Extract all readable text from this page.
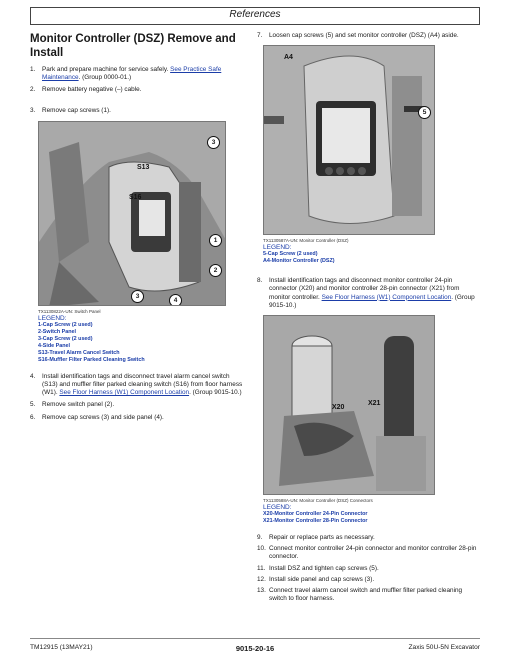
References
Monitor Controller (DSZ) Remove and Install
1. Park and prepare machine for service safely. See Practice Safe Maintenance. (Group 0000-01.)
2. Remove battery negative (–) cable.
3. Remove cap screws (1).
S13
S16
3
1
2
3
4
TX1130822A-UN: Switch Panel
LEGEND:
1-Cap Screw (2 used)
2-Switch Panel
3-Cap Screw (2 used)
4-Side Panel
S13-Travel Alarm Cancel Switch
S16-Muffler Filter Parked Cleaning Switch
4. Install identification tags and disconnect travel alarm cancel switch (S13) and muffler filter parked cleaning switch (S16) from floor harness (W1). See Floor Harness (W1) Component Location. (Group 9015-10.)
5. Remove switch panel (2).
6. Remove cap screws (3) and side panel (4).
7. Loosen cap screws (5) and set monitor controller (DSZ) (A4) aside.
A4
5
TX1130587A-UN: Monitor Controller (DSZ)
LEGEND:
5-Cap Screw (2 used)
A4-Monitor Controller (DSZ)
8. Install identification tags and disconnect monitor controller 24-pin connector (X20) and monitor controller 28-pin connector (X21) from monitor controller. See Floor Harness (W1) Component Location. (Group 9015-10.)
X20
X21
TX1130588A-UN: Monitor Controller (DSZ) Connectors
LEGEND:
X20-Monitor Controller 24-Pin Connector
X21-Monitor Controller 28-Pin Connector
9. Repair or replace parts as necessary.
10. Connect monitor controller 24-pin connector and monitor controller 28-pin connector.
11. Install DSZ and tighten cap screws (5).
12. Install side panel and cap screws (3).
13. Connect travel alarm cancel switch and muffler filter parked cleaning switch to floor harness.
TM12915 (13MAY21)	9015-20-16	Zaxis 50U-5N Excavator
